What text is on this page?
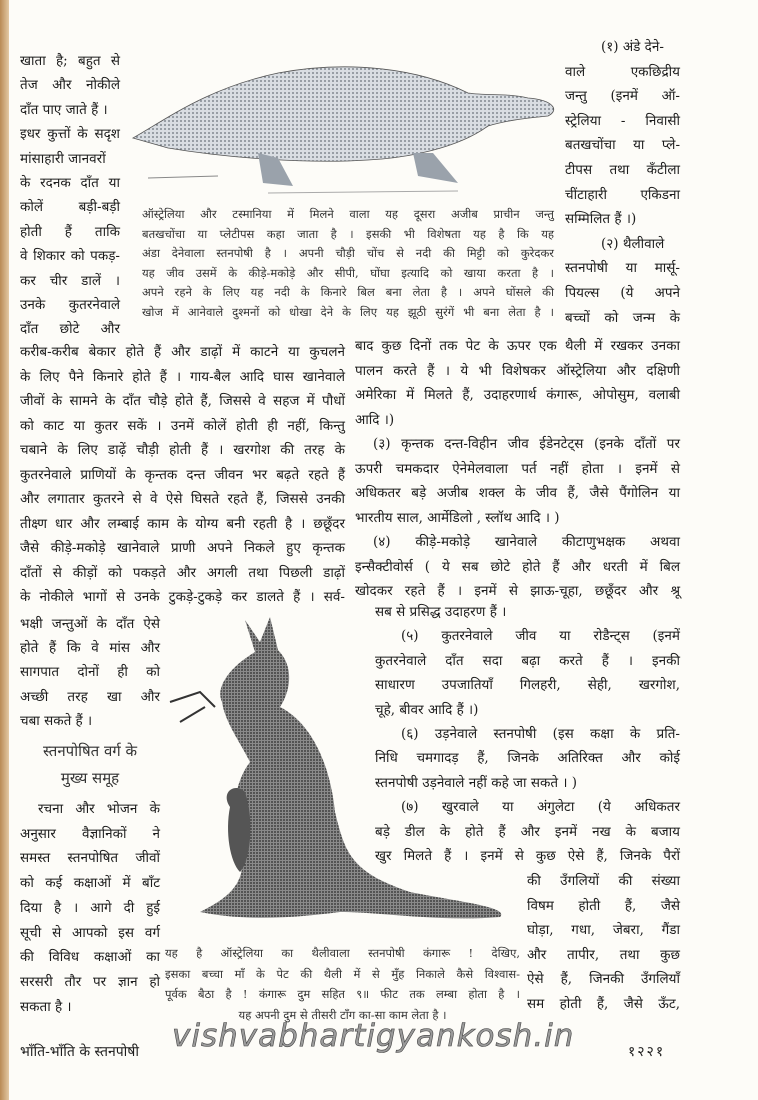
खाता है; बहुत से
तेज और नोकीले
दाँत पाए जाते हैं ।
इधर कुत्तों के सदृश
मांसाहारी जानवरों
के रदनक दाँत या
कोलें बड़ी-बड़ी
होती हैं ताकि
वे शिकार को पकड़-
कर चीर डालें ।
उनके कुतरनेवाले
दाँत छोटे और
ऑस्ट्रेलिया और टस्मानिया में मिलने वाला यह दूसरा अजीब प्राचीन जन्तु
बतखचोंचा या प्लेटीपस कहा जाता है । इसकी भी विशेषता यह है कि यह
अंडा देनेवाला स्तनपोषी है । अपनी चौड़ी चोंच से नदी की मिट्टी को कुरेदकर
यह जीव उसमें के कीड़े-मकोड़े और सीपी, घोंघा इत्यादि को खाया करता है ।
अपने रहने के लिए यह नदी के किनारे बिल बना लेता है । अपने घोंसले की
खोज में आनेवाले दुश्मनों को धोखा देने के लिए यह झूठी सुरंगें भी बना लेता है ।
(१) अंडे देने-
वाले एकछिद्रीय
जन्तु (इनमें ऑ-
स्ट्रेलिया - निवासी
बतखचोंचा या प्ले-
टीपस तथा कँटीला
चींटाहारी एकिडना
सम्मिलित हैं ।)
(२) थैलीवाले
स्तनपोषी या मार्सू-
पियल्स (ये अपने
बच्चों को जन्म के
करीब-करीब बेकार होते हैं और डाढ़ों में काटने या कुचलने
के लिए पैने किनारे होते हैं । गाय-बैल आदि घास खानेवाले
जीवों के सामने के दाँत चौड़े होते हैं, जिससे वे सहज में पौधों
को काट या कुतर सकें । उनमें कोलें होती ही नहीं, किन्तु
चबाने के लिए डाढ़ें चौड़ी होती हैं । खरगोश की तरह के
कुतरनेवाले प्राणियों के कृन्तक दन्त जीवन भर बढ़ते रहते हैं
और लगातार कुतरने से वे ऐसे घिसते रहते हैं, जिससे उनकी
तीक्ष्ण धार और लम्बाई काम के योग्य बनी रहती है । छछूँदर
जैसे कीड़े-मकोड़े खानेवाले प्राणी अपने निकले हुए कृन्तक
दाँतों से कीड़ों को पकड़ते और अगली तथा पिछली डाढ़ों
के नोकीले भागों से उनके टुकड़े-टुकड़े कर डालते हैं । सर्व-
बाद कुछ दिनों तक पेट के ऊपर एक थैली में रखकर उनका
पालन करते हैं । ये भी विशेषकर ऑस्ट्रेलिया और दक्षिणी
अमेरिका में मिलते हैं, उदाहरणार्थ कंगारू, ओपोसुम, वलाबी
आदि ।)
(३) कृन्तक दन्त-विहीन जीव ईडेनटेट्स (इनके दाँतों पर
ऊपरी चमकदार ऐनेमेलवाला पर्त नहीं होता । इनमें से
अधिकतर बड़े अजीब शक्ल के जीव हैं, जैसे पैंगोलिन या
भारतीय साल, आर्मेडिलो , स्लॉथ आदि । )
(४) कीड़े-मकोड़े खानेवाले कीटाणुभक्षक अथवा
इन्सैक्टीवोर्स ( ये सब छोटे होते हैं और धरती में बिल
खोदकर रहते हैं । इनमें से झाऊ-चूहा, छछूँदर और श्रू
सब से प्रसिद्ध उदाहरण हैं ।
(५) कुतरनेवाले जीव या रोडैन्ट्स (इनमें
कुतरनेवाले दाँत सदा बढ़ा करते हैं । इनकी
साधारण उपजातियाँ गिलहरी, सेही, खरगोश,
चूहे, बीवर आदि हैं ।)
(६) उड़नेवाले स्तनपोषी (इस कक्षा के प्रति-
निधि चमगादड़ हैं, जिनके अतिरिक्त और कोई
स्तनपोषी उड़नेवाले नहीं कहे जा सकते । )
(७) खुरवाले या अंगुलेटा (ये अधिकतर
बड़े डील के होते हैं और इनमें नख के बजाय
खुर मिलते हैं । इनमें से कुछ ऐसे हैं, जिनके पैरों
की उँगलियों की संख्या
विषम होती हैं, जैसे
घोड़ा, गधा, जेबरा, गैंडा
और तापीर, तथा कुछ
ऐसे हैं, जिनकी उँगलियाँ
सम होती हैं, जैसे ऊँट,
भक्षी जन्तुओं के दाँत ऐसे
होते हैं कि वे मांस और
सागपात दोनों ही को
अच्छी तरह खा और
चबा सकते हैं ।
स्तनपोषित वर्ग के
मुख्य समूह
रचना और भोजन के
अनुसार वैज्ञानिकों ने
समस्त स्तनपोषित जीवों
को कई कक्षाओं में बाँट
दिया है । आगे दी हुई
सूची से आपको इस वर्ग
की विविध कक्षाओं का
सरसरी तौर पर ज्ञान हो
सकता है ।
यह है ऑस्ट्रेलिया का थैलीवाला स्तनपोषी कंगारू ! देखिए,
इसका बच्चा माँ के पेट की थैली में से मुँह निकाले कैसे विश्वास-
पूर्वक बैठा है ! कंगारू दुम सहित ९॥ फीट तक लम्बा होता है ।
यह अपनी दुम से तीसरी टाँग का-सा काम लेता है ।
भाँति-भाँति के स्तनपोषी vishvabhartigyankosh.in	१२२१
